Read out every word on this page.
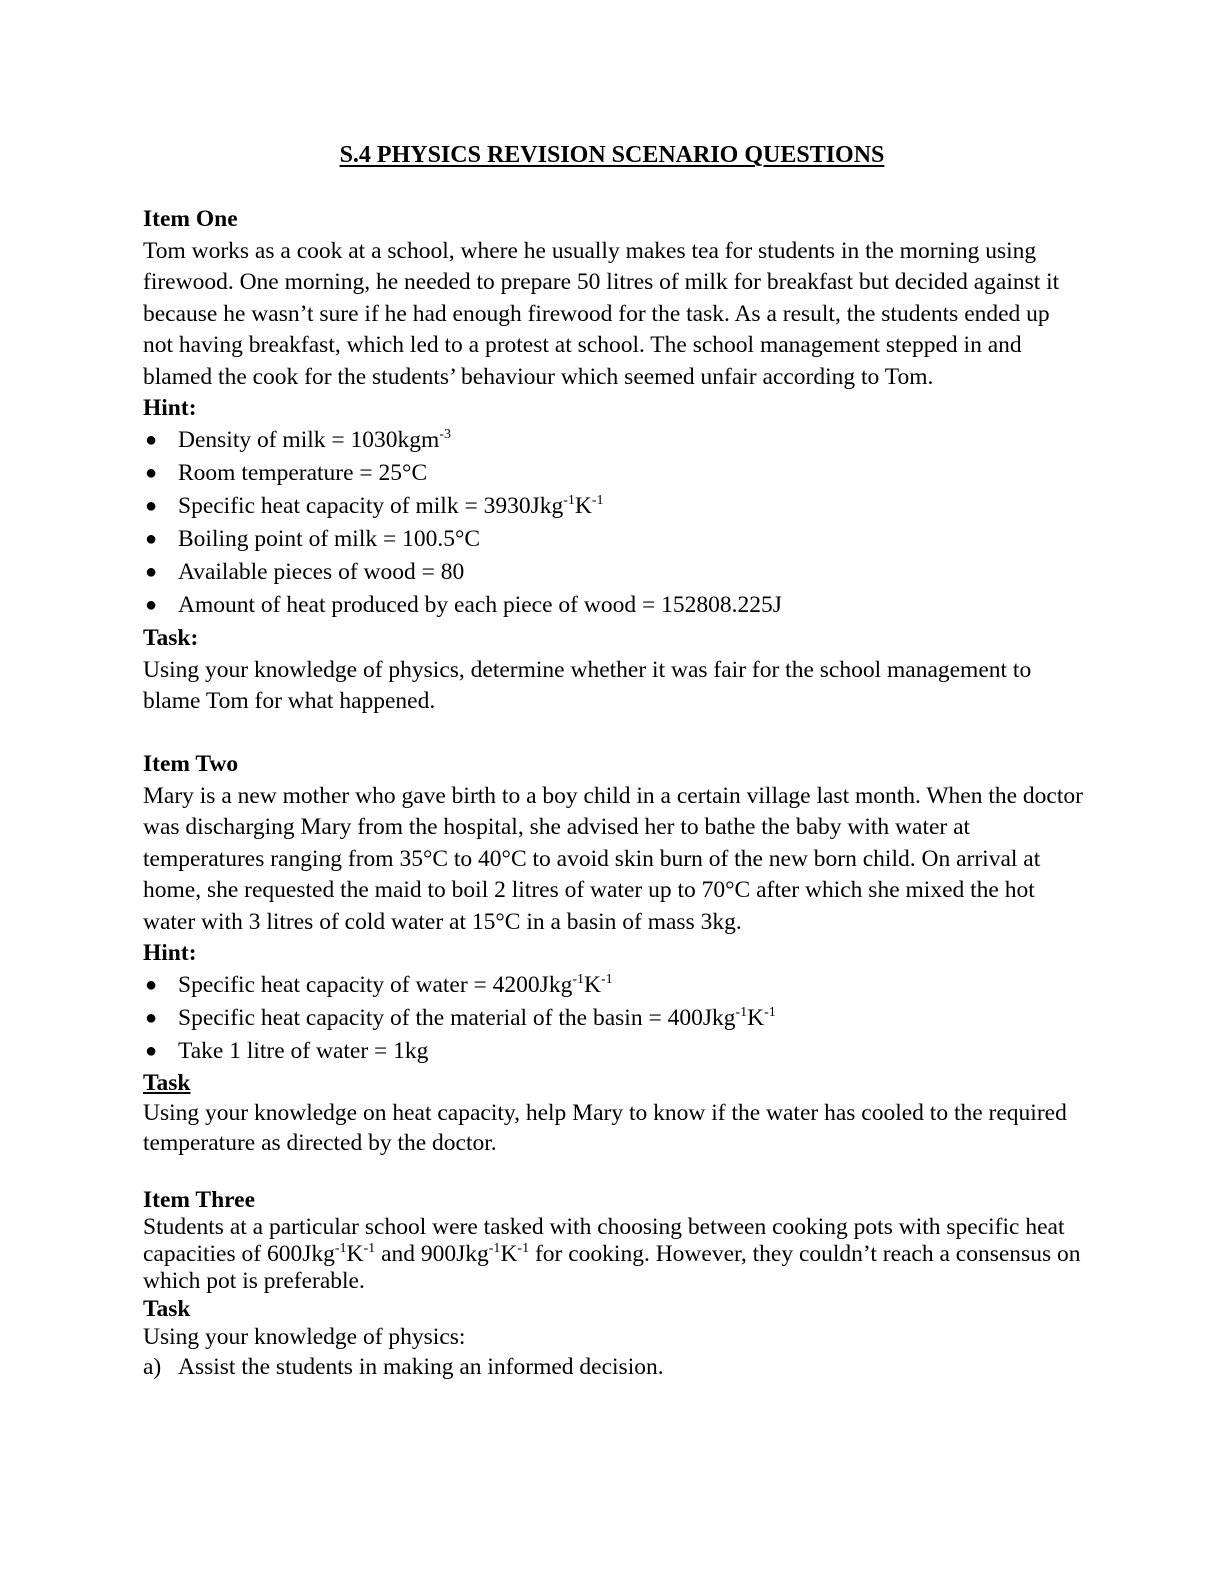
S.4 PHYSICS REVISION SCENARIO QUESTIONS

Item One

Tom works as a cook at a school, where he usually makes tea for students in the morning using firewood. One morning, he needed to prepare 50 litres of milk for breakfast but decided against it because he wasn’t sure if he had enough firewood for the task. As a result, the students ended up not having breakfast, which led to a protest at school. The school management stepped in and blamed the cook for the students’ behaviour which seemed unfair according to Tom.

Hint:

● Density of milk = 1030kgm$^{-3}$
● Room temperature = 25°C
● Specific heat capacity of milk = $3930Jkg^{-1}K^{-1}$
● Boiling point of milk = 100.5°C
● Available pieces of wood = 80
● Amount of heat produced by each piece of wood = 152808.225J

Task:

Using your knowledge of physics, determine whether it was fair for the school management to blame Tom for what happened.

Item Two

Mary is a new mother who gave birth to a boy child in a certain village last month. When the doctor was discharging Mary from the hospital, she advised her to bathe the baby with water at temperatures ranging from 35°C to 40°C to avoid skin burn of the new born child. On arrival at home, she requested the maid to boil 2 litres of water up to 70°C after which she mixed the hot water with 3 litres of cold water at 15°C in a basin of mass 3kg.

Hint:

● Specific heat capacity of water = $4200Jkg^{-1}K^{-1}$
● Specific heat capacity of the material of the $basin = 400Jkg^{-1}K^{-1}$
● Take 1 litre of water = 1kg

Task

Using your knowledge on heat capacity, help Mary to know if the water has cooled to the required temperature as directed by the doctor.

Item Three

Students at a particular school were tasked with choosing between cooking pots with specific heat capacities of $600Jkg^{-1}K^{-1}$ and $900Jkg^{-1}K^{-1}$ for cooking. However, they couldn’t reach a consensus on which pot is preferable.

Task

Using your knowledge of physics:

a) Assist the students in making an informed decision.
